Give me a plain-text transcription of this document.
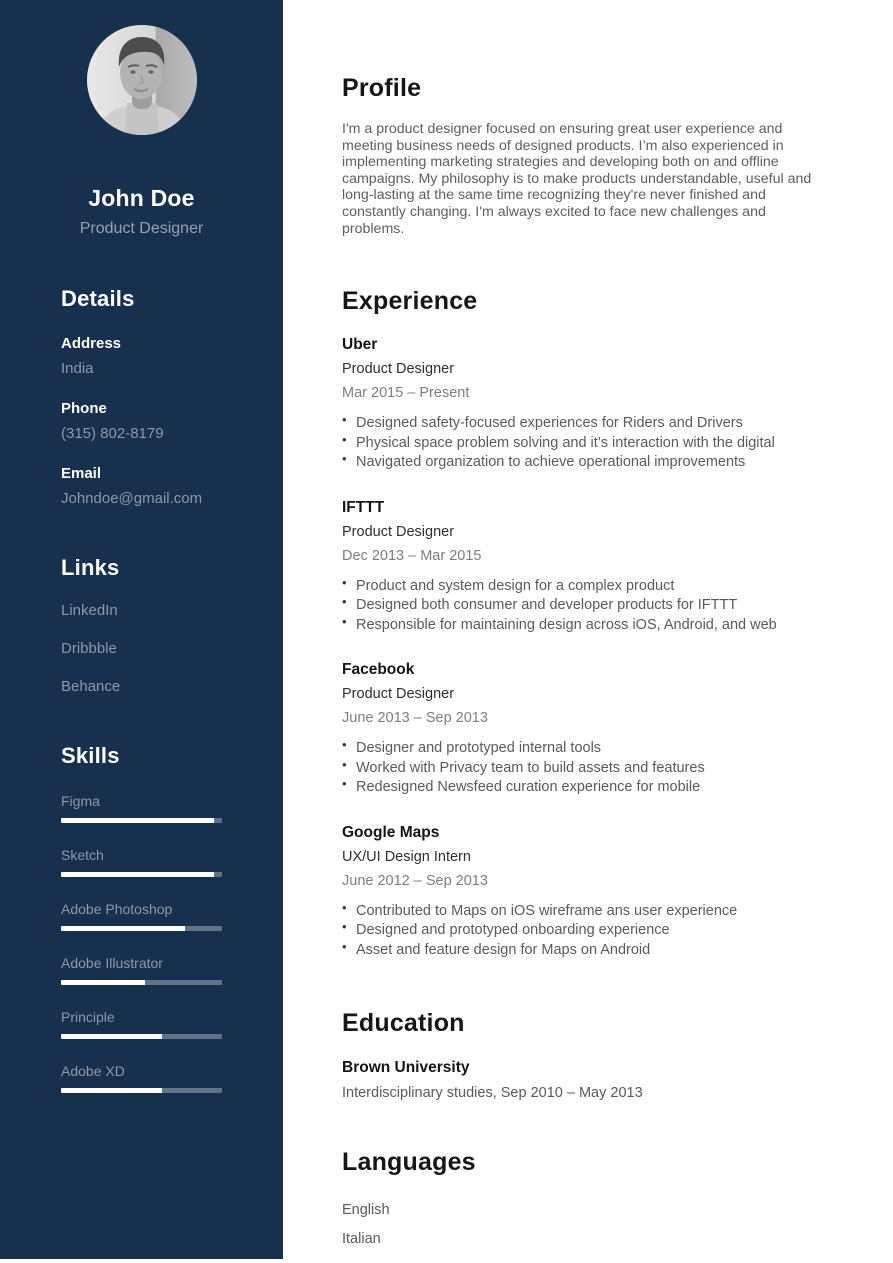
John Doe
Product Designer
Details
Address
India
Phone
(315) 802-8179
Email
Johndoe@gmail.com
Links
LinkedIn
Dribbble
Behance
Skills
Figma
Sketch
Adobe Photoshop
Adobe Illustrator
Principle
Adobe XD
Profile

I'm a product designer focused on ensuring great user experience and meeting business needs of designed products. I’m also experienced in implementing marketing strategies and developing both on and offline campaigns. My philosophy is to make products understandable, useful and long-lasting at the same time recognizing they're never finished and constantly changing. I'm always excited to face new challenges and problems.

Experience
Uber
Product Designer
Mar 2015 – Present
• Designed safety-focused experiences for Riders and Drivers
• Physical space problem solving and it’s interaction with the digital
• Navigated organization to achieve operational improvements
IFTTT
Product Designer
Dec 2013 – Mar 2015
• Product and system design for a complex product
• Designed both consumer and developer products for IFTTT
• Responsible for maintaining design across iOS, Android, and web
Facebook
Product Designer
June 2013 – Sep 2013
• Designer and prototyped internal tools
• Worked with Privacy team to build assets and features
• Redesigned Newsfeed curation experience for mobile
Google Maps
UX/UI Design Intern
June 2012 – Sep 2013
• Contributed to Maps on iOS wireframe ans user experience
• Designed and prototyped onboarding experience
• Asset and feature design for Maps on Android
Education
Brown University
Interdisciplinary studies, Sep 2010 – May 2013
Languages
English
Italian
